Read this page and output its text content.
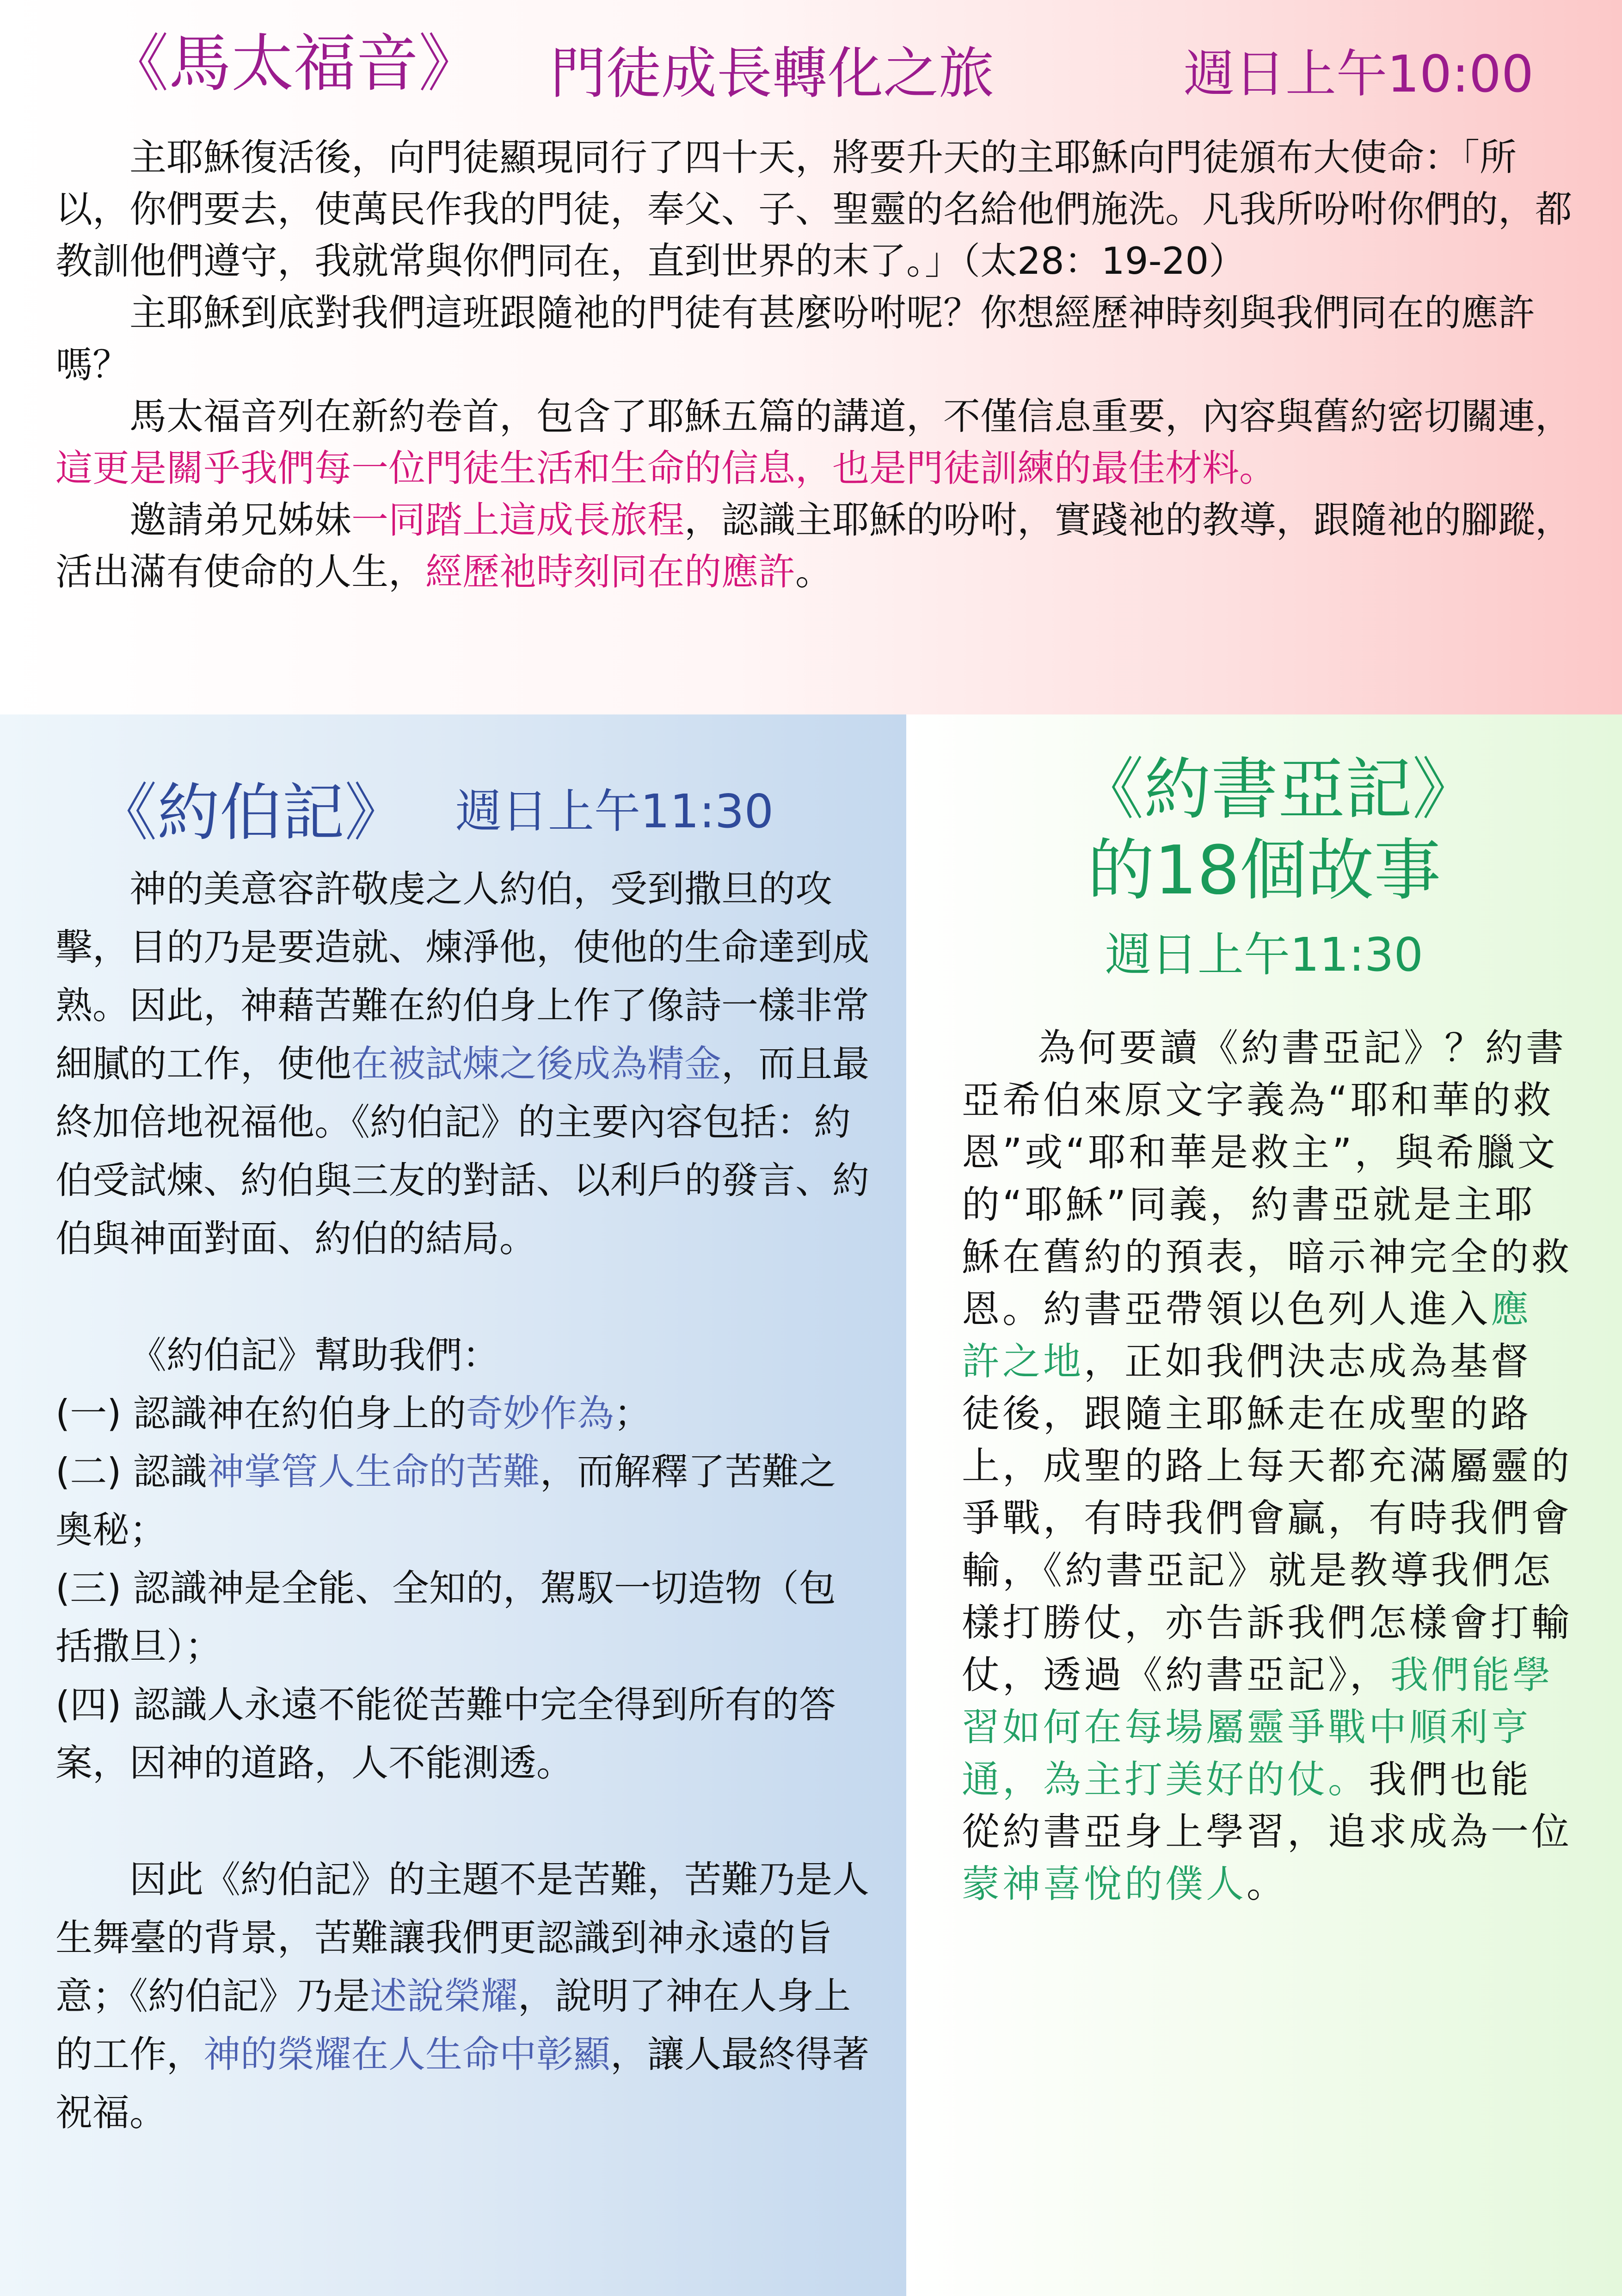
《馬太福音》 門徒成長轉化之旅	週日上午10:00

主耶穌復活後，向門徒顯現同行了四十天，將要升天的主耶穌向門徒頒布大使命：「所以，你們要去，使萬民作我的門徒，奉父、子、聖靈的名給他們施洗。凡我所吩咐你們的，都教訓他們遵守，我就常與你們同在，直到世界的末了。」（太28：19-20）

主耶穌到底對我們這班跟隨祂的門徒有甚麼吩咐呢？你想經歷神時刻與我們同在的應許嗎？

馬太福音列在新約卷首，包含了耶穌五篇的講道，不僅信息重要，內容與舊約密切關連，這更是關乎我們每一位門徒生活和生命的信息，也是門徒訓練的最佳材料。

邀請弟兄姊妹一同踏上這成長旅程，認識主耶穌的吩咐，實踐祂的教導，跟隨祂的腳蹤，活出滿有使命的人生，經歷祂時刻同在的應許。

《約伯記》 週日上午11:30

神的美意容許敬虔之人約伯，受到撒旦的攻擊，目的乃是要造就、煉淨他，使他的生命達到成熟。因此，神藉苦難在約伯身上作了像詩一樣非常細膩的工作，使他在被試煉之後成為精金，而且最終加倍地祝福他。《約伯記》的主要內容包括：約伯受試煉、約伯與三友的對話、以利戶的發言、約伯與神面對面、約伯的結局。

《約伯記》幫助我們：

(一) 認識神在約伯身上的奇妙作為；

(二) 認識神掌管人生命的苦難，而解釋了苦難之奧秘；

(三) 認識神是全能、全知的，駕馭一切造物（包括撒旦）；

(四) 認識人永遠不能從苦難中完全得到所有的答案，因神的道路，人不能測透。

因此《約伯記》的主題不是苦難，苦難乃是人生舞臺的背景，苦難讓我們更認識到神永遠的旨意；《約伯記》乃是述說榮耀，說明了神在人身上的工作，神的榮耀在人生命中彰顯，讓人最終得著祝福。

《約書亞記》
的18個故事
週日上午11:30

為何要讀《約書亞記》？約書亞希伯來原文字義為“耶和華的救恩”或“耶和華是救主”，與希臘文的“耶穌”同義，約書亞就是主耶穌在舊約的預表，暗示神完全的救恩。約書亞帶領以色列人進入應許之地，正如我們決志成為基督徒後，跟隨主耶穌走在成聖的路上，成聖的路上每天都充滿屬靈的爭戰，有時我們會贏，有時我們會輸，《約書亞記》就是教導我們怎樣打勝仗，亦告訴我們怎樣會打輸仗，透過《約書亞記》，我們能學習如何在每場屬靈爭戰中順利亨通，為主打美好的仗。我們也能從約書亞身上學習，追求成為一位蒙神喜悅的僕人。
